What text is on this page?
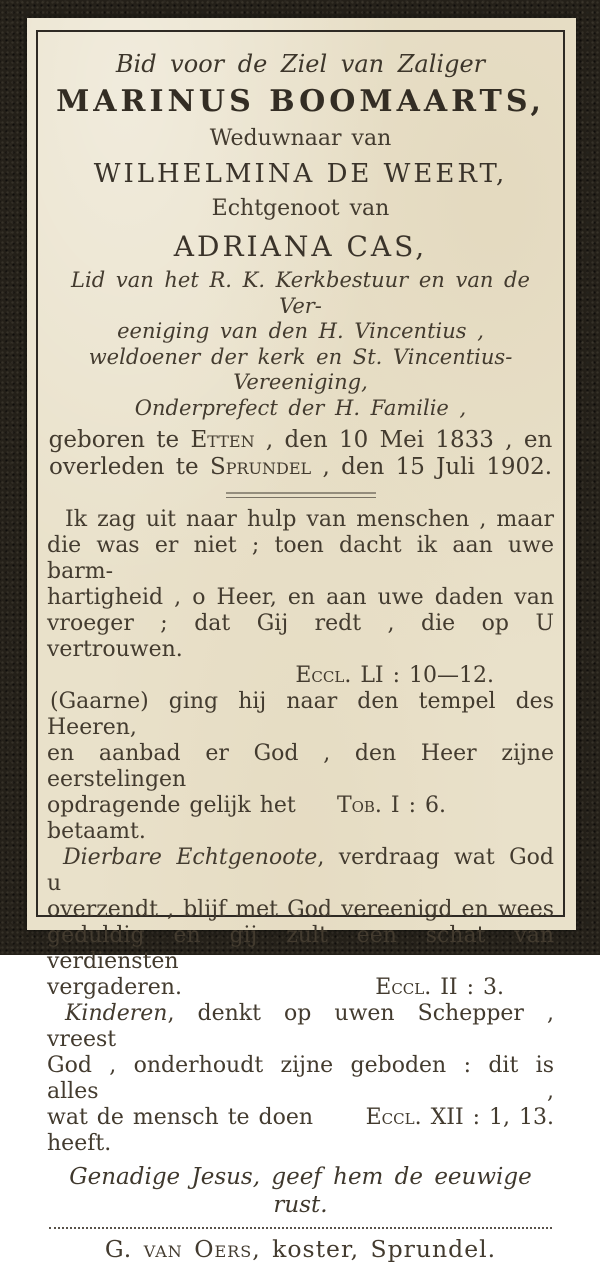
Bid voor de Ziel van Zaliger
MARINUS BOOMAARTS,
Weduwnaar van
WILHELMINA DE WEERT,
Echtgenoot van
ADRIANA CAS,
Lid van het R. K. Kerkbestuur en van de Ver-
eeniging van den H. Vincentius ,
weldoener der kerk en St. Vincentius-Vereeniging,
Onderprefect der H. Familie ,
geboren te Etten , den 10 Mei 1833 , en
overleden te Sprundel , den 15 Juli 1902.
Ik zag uit naar hulp van menschen , maar
die was er niet ; toen dacht ik aan uwe barm-
hartigheid , o Heer, en aan uwe daden van
vroeger ; dat Gij redt , die op U vertrouwen.
Eccl. LI : 10—12.
(Gaarne) ging hij naar den tempel des Heeren,
en aanbad er God , den Heer zijne eerstelingen
opdragende gelijk het betaamt.
Tob. I : 6.
Dierbare Echtgenoote, verdraag wat God u
overzendt , blijf met God vereenigd en wees
geduldig en gij zult een schat van verdiensten
vergaderen.	Eccl. II : 3.
Kinderen, denkt op uwen Schepper , vreest
God , onderhoudt zijne geboden : dit is alles ,
wat de mensch te doen heeft.
Eccl. XII : 1, 13.
Genadige Jesus, geef hem de eeuwige rust.
G. van Oers, koster, Sprundel.
